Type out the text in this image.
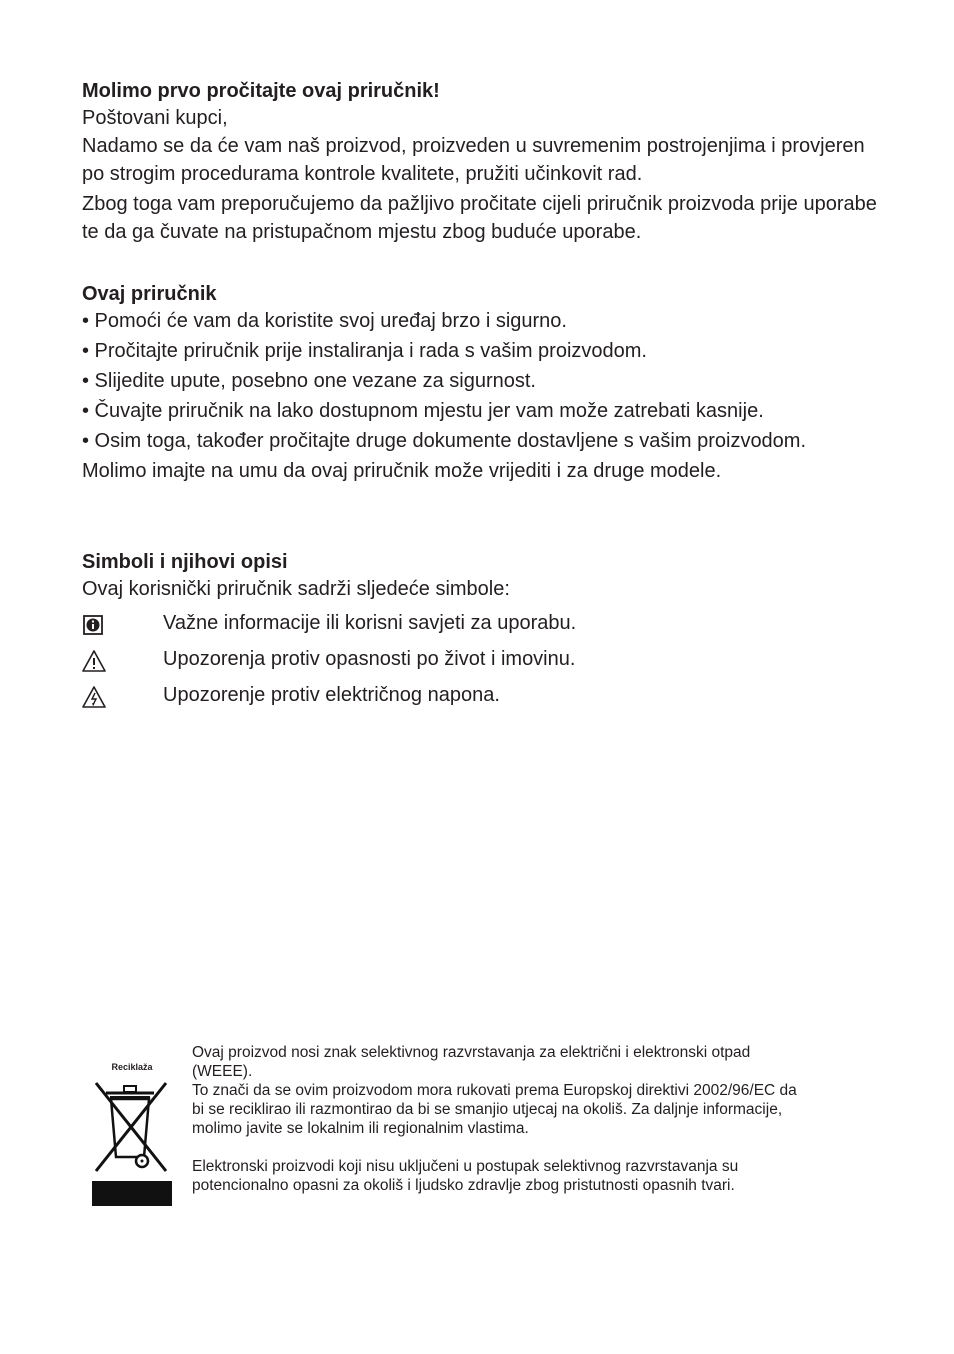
Molimo prvo pročitajte ovaj priručnik!

Poštovani kupci,

Nadamo se da će vam naš proizvod, proizveden u suvremenim postrojenjima i provjeren po strogim procedurama kontrole kvalitete, pružiti učinkovit rad.

Zbog toga vam preporučujemo da pažljivo pročitate cijeli priručnik proizvoda prije uporabe te da ga čuvate na pristupačnom mjestu zbog buduće uporabe.

Ovaj priručnik

• Pomoći će vam da koristite svoj uređaj brzo i sigurno.

• Pročitajte priručnik prije instaliranja i rada s vašim proizvodom.

• Slijedite upute, posebno one vezane za sigurnost.

• Čuvajte priručnik na lako dostupnom mjestu jer vam može zatrebati kasnije.

• Osim toga, također pročitajte druge dokumente dostavljene s vašim proizvodom.

Molimo imajte na umu da ovaj priručnik može vrijediti i za druge modele.

Simboli i njihovi opisi

Ovaj korisnički priručnik sadrži sljedeće simbole:

Važne informacije ili korisni savjeti za uporabu.
Upozorenja protiv opasnosti po život i imovinu.
Upozorenje protiv električnog napona.
Reciklaža

Ovaj proizvod nosi znak selektivnog razvrstavanja za električni i elektronski otpad (WEEE).

To znači da se ovim proizvodom mora rukovati prema Europskoj direktivi 2002/96/EC da bi se reciklirao ili razmontirao da bi se smanjio utjecaj na okoliš. Za daljnje informacije, molimo javite se lokalnim ili regionalnim vlastima.

Elektronski proizvodi koji nisu uključeni u postupak selektivnog razvrstavanja su potencionalno opasni za okoliš i ljudsko zdravlje zbog pristutnosti opasnih tvari.
